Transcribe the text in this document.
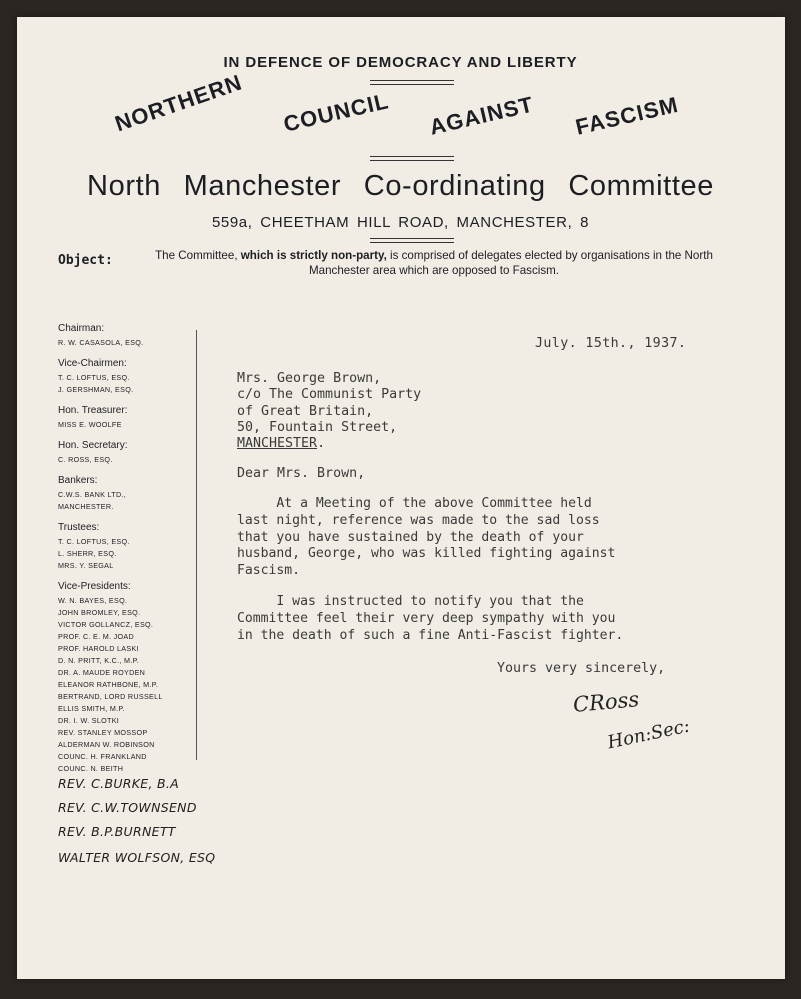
IN DEFENCE OF DEMOCRACY AND LIBERTY
NORTHERN COUNCIL AGAINST FASCISM
North Manchester Co-ordinating Committee
559a, CHEETHAM HILL ROAD, MANCHESTER, 8
Object:	The Committee, which is strictly non-party, is comprised of delegates elected by organisations in the North Manchester area which are opposed to Fascism.
Chairman:
R. W. CASASOLA, ESQ.
Vice-Chairmen:
T. C. LOFTUS, ESQ.
J. GERSHMAN, ESQ.
Hon. Treasurer:
MISS E. WOOLFE
Hon. Secretary:
C. ROSS, ESQ.
Bankers:
C.W.S. BANK LTD.,
MANCHESTER.
Trustees:
T. C. LOFTUS, ESQ.
L. SHERR, ESQ.
MRS. Y. SEGAL
Vice-Presidents:
W. N. BAYES, ESQ.
JOHN BROMLEY, ESQ.
VICTOR GOLLANCZ, ESQ.
PROF. C. E. M. JOAD
PROF. HAROLD LASKI
D. N. PRITT, K.C., M.P.
DR. A. MAUDE ROYDEN
ELEANOR RATHBONE, M.P.
BERTRAND, LORD RUSSELL
ELLIS SMITH, M.P.
DR. I. W. SLOTKI
REV. STANLEY MOSSOP
ALDERMAN W. ROBINSON
COUNC. H. FRANKLAND
COUNC. N. BEITH
REV. C.BURKE, B.A
REV. C.W.TOWNSEND
REV. B.P.BURNETT
WALTER WOLFSON, ESQ
July. 15th., 1937.
Mrs. George Brown,
c/o The Communist Party
of Great Britain,
50, Fountain Street,
MANCHESTER.
Dear Mrs. Brown,
At a Meeting of the above Committee held
last night, reference was made to the sad loss
that you have sustained by the death of your
husband, George, who was killed fighting against
Fascism.
I was instructed to notify you that the
Committee feel their very deep sympathy with you
in the death of such a fine Anti-Fascist fighter.
Yours very sincerely,
CRoss
Hon:Sec:
